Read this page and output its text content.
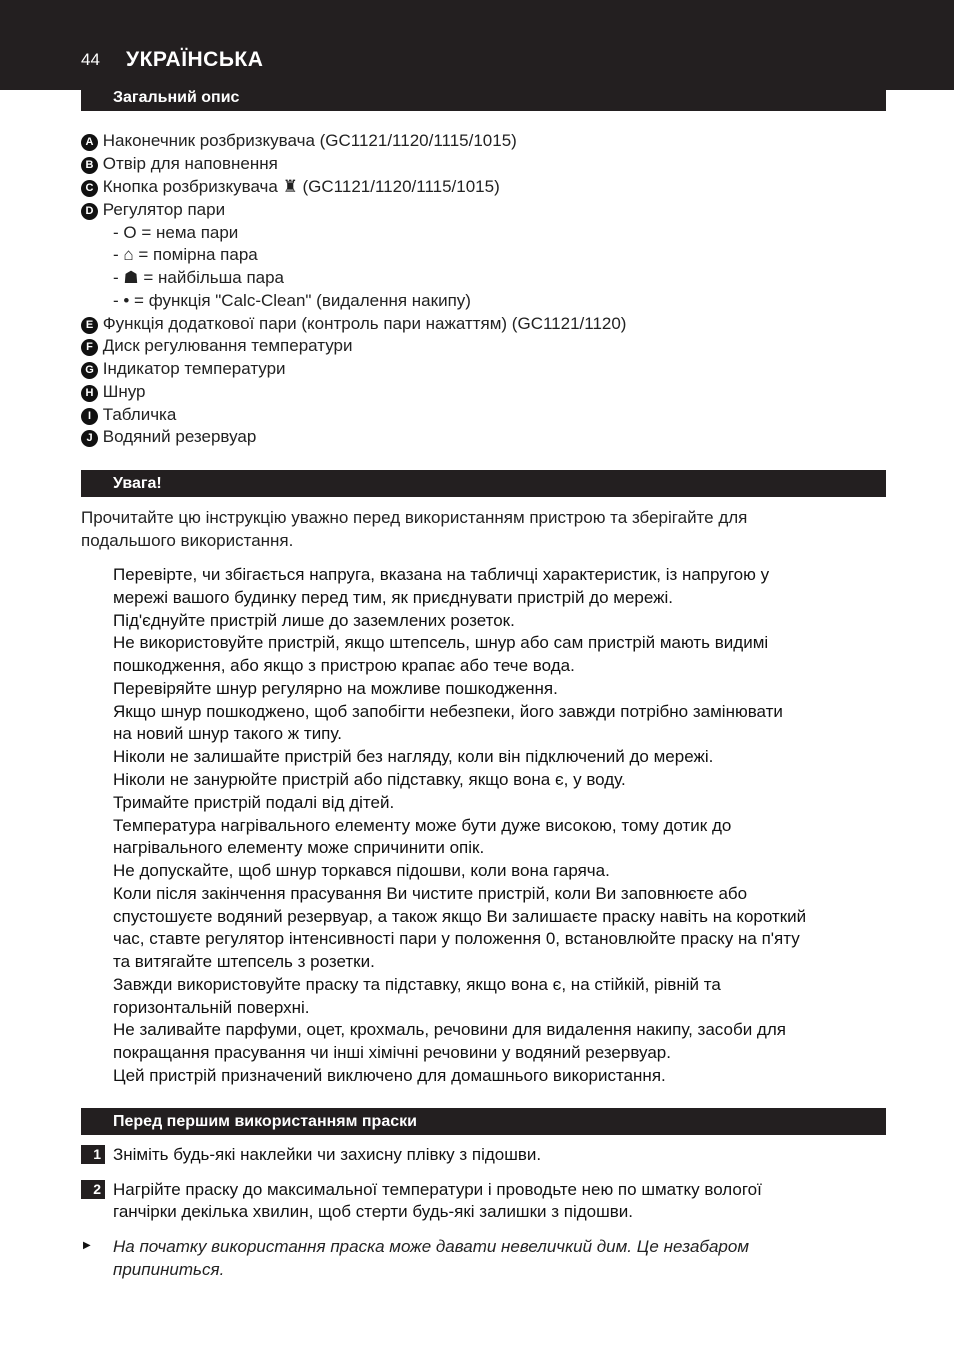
44 УКРАЇНСЬКА
Загальний опис
A Наконечник розбризкувача (GC1121/1120/1115/1015)
B Отвір для наповнення
C Кнопка розбризкувача ♜ (GC1121/1120/1115/1015)
D Регулятор пари
- O = нема пари
- ⌂ = помірна пара
- ☗ = найбільша пара
- • = функція "Calc-Clean" (видалення накипу)
E Функція додаткової пари (контроль пари нажаттям) (GC1121/1120)
F Диск регулювання температури
G Індикатор температури
H Шнур
I Табличка
J Водяний резервуар
Увага!
Прочитайте цю інструкцію уважно перед використанням пристрою та зберігайте для
подальшого використання.
Перевірте, чи збігається напруга, вказана на табличці характеристик, із напругою у
мережі вашого будинку перед тим, як приєднувати пристрій до мережі.
Під'єднуйте пристрій лише до заземлених розеток.
Не використовуйте пристрій, якщо штепсель, шнур або сам пристрій мають видимі
пошкодження, або якщо з пристрою крапає або тече вода.
Перевіряйте шнур регулярно на можливе пошкодження.
Якщо шнур пошкоджено, щоб запобігти небезпеки, його завжди потрібно замінювати
на новий шнур такого ж типу.
Ніколи не залишайте пристрій без нагляду, коли він підключений до мережі.
Ніколи не занурюйте пристрій або підставку, якщо вона є, у воду.
Тримайте пристрій подалі від дітей.
Температура нагрівального елементу може бути дуже високою, тому дотик до
нагрівального елементу може спричинити опік.
Не допускайте, щоб шнур торкався підошви, коли вона гаряча.
Коли після закінчення прасування Ви чистите пристрій, коли Ви заповнюєте або
спустошуєте водяний резервуар, а також якщо Ви залишаєте праску навіть на короткий
час, ставте регулятор інтенсивності пари у положення 0, встановлюйте праску на п'яту
та витягайте штепсель з розетки.
Завжди використовуйте праску та підставку, якщо вона є, на стійкій, рівній та
горизонтальній поверхні.
Не заливайте парфуми, оцет, крохмаль, речовини для видалення накипу, засоби для
покращання прасування чи інші хімічні речовини у водяний резервуар.
Цей пристрій призначений виключено для домашнього використання.
Перед першим використанням праски
1 Зніміть будь-які наклейки чи захисну плівку з підошви.
2 Нагрійте праску до максимальної температури і проводьте нею по шматку вологої
ганчірки декілька хвилин, щоб стерти будь-які залишки з підошви.
▶ На початку використання праска може давати невеличкий дим. Це незабаром
припиниться.
